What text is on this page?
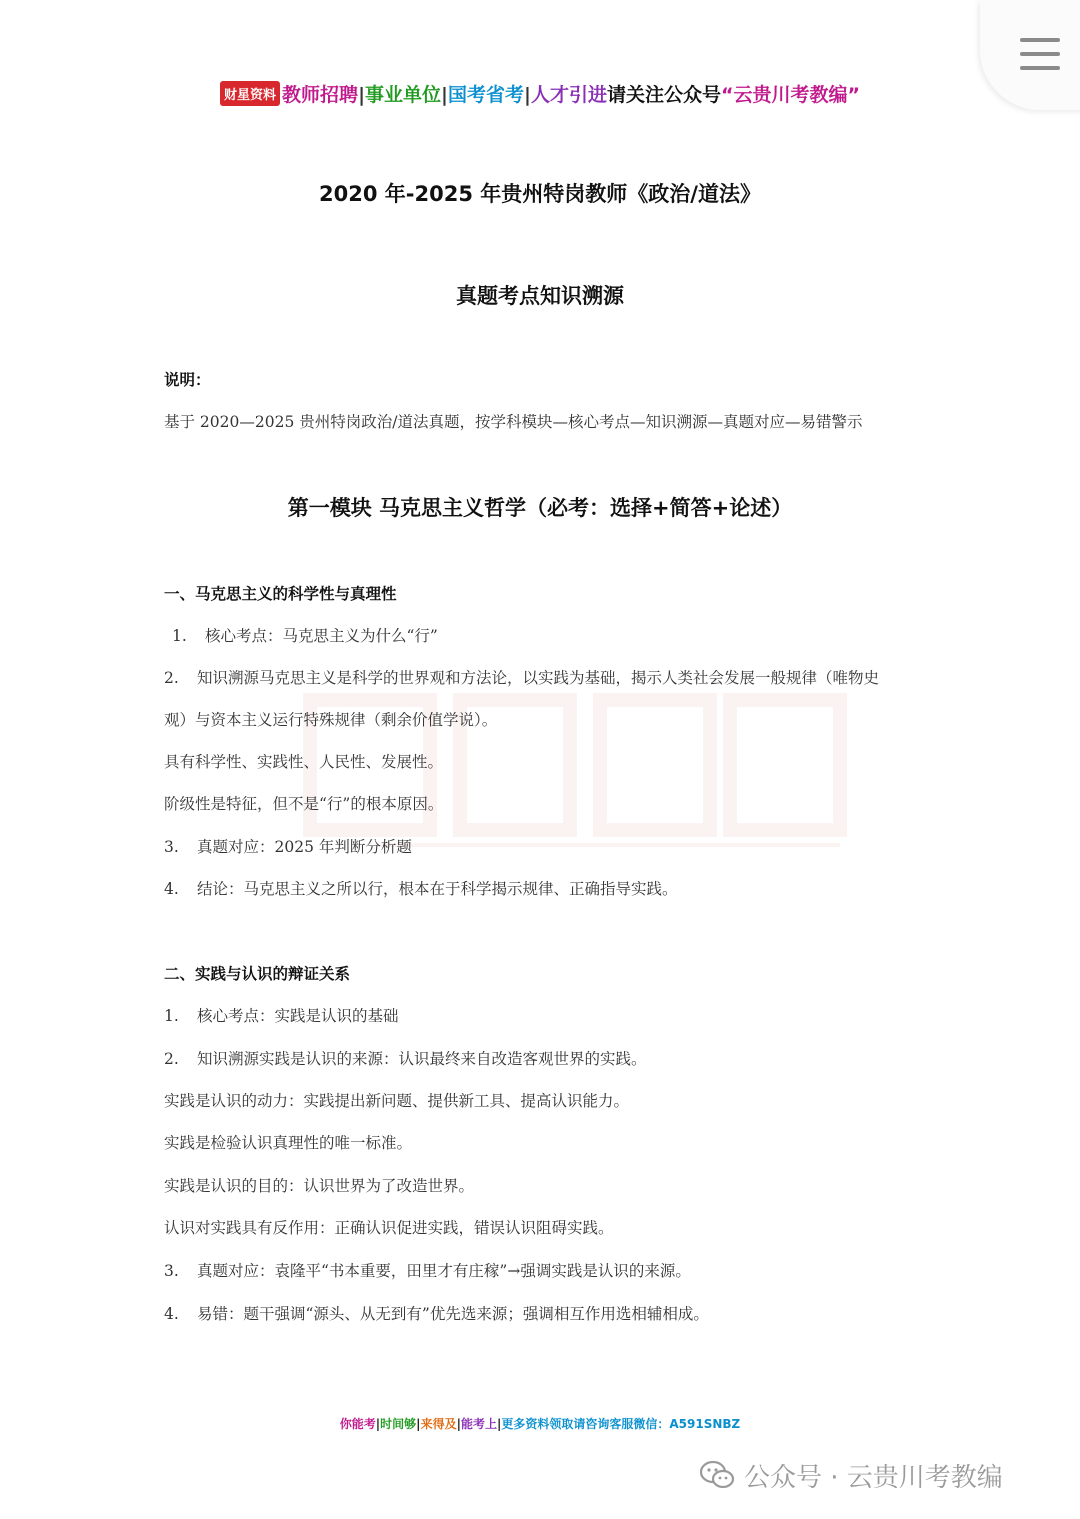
财星资料 教师招聘|事业单位|国考省考|人才引进请关注公众号“云贵川考教编”
2020 年-2025 年贵州特岗教师《政治/道法》
真题考点知识溯源
说明：
基于 2020—2025 贵州特岗政治/道法真题，按学科模块—核心考点—知识溯源—真题对应—易错警示
第一模块 马克思主义哲学（必考：选择+简答+论述）
一、马克思主义的科学性与真理性
1. 核心考点：马克思主义为什么“行”
2. 知识溯源马克思主义是科学的世界观和方法论，以实践为基础，揭示人类社会发展一般规律（唯物史
观）与资本主义运行特殊规律（剩余价值学说）。
具有科学性、实践性、人民性、发展性。
阶级性是特征，但不是“行”的根本原因。
3. 真题对应：2025 年判断分析题
4. 结论：马克思主义之所以行，根本在于科学揭示规律、正确指导实践。
二、实践与认识的辩证关系
1. 核心考点：实践是认识的基础
2. 知识溯源实践是认识的来源：认识最终来自改造客观世界的实践。
实践是认识的动力：实践提出新问题、提供新工具、提高认识能力。
实践是检验认识真理性的唯一标准。
实践是认识的目的：认识世界为了改造世界。
认识对实践具有反作用：正确认识促进实践，错误认识阻碍实践。
3. 真题对应：袁隆平“书本重要，田里才有庄稼”→强调实践是认识的来源。
4. 易错：题干强调“源头、从无到有”优先选来源；强调相互作用选相辅相成。
你能考|时间够|来得及|能考上|更多资料领取请咨询客服微信：A591SNBZ
公众号 · 云贵川考教编
